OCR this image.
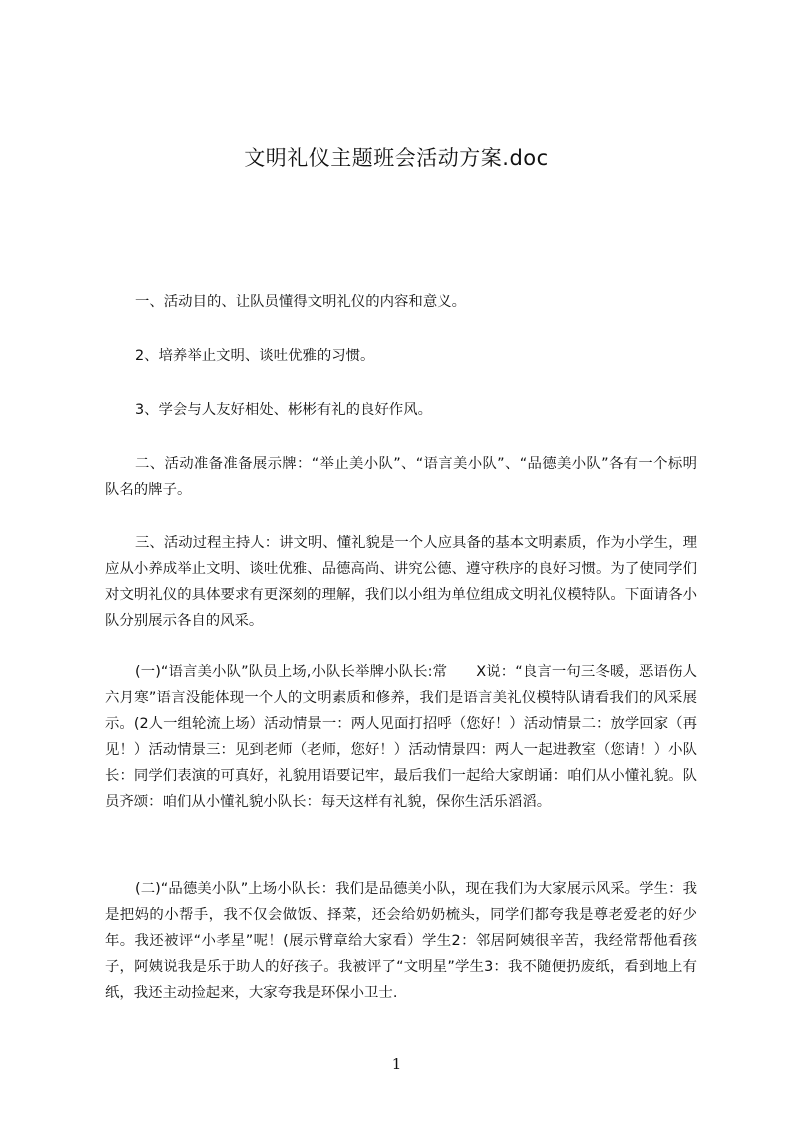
文明礼仪主题班会活动方案.doc
一、活动目的、让队员懂得文明礼仪的内容和意义。
2、培养举止文明、谈吐优雅的习惯。
3、学会与人友好相处、彬彬有礼的良好作风。
二、活动准备准备展示牌：“举止美小队”、“语言美小队”、“品德美小队”各有一个标明队名的牌子。
三、活动过程主持人：讲文明、懂礼貌是一个人应具备的基本文明素质，作为小学生，理应从小养成举止文明、谈吐优雅、品德高尚、讲究公德、遵守秩序的良好习惯。为了使同学们对文明礼仪的具体要求有更深刻的理解，我们以小组为单位组成文明礼仪模特队。下面请各小队分别展示各自的风采。
(一)“语言美小队”队员上场,小队长举牌小队长:常　　X说：“良言一句三冬暖，恶语伤人六月寒”语言没能体现一个人的文明素质和修养，我们是语言美礼仪模特队请看我们的风采展示。(2人一组轮流上场）活动情景一：两人见面打招呼（您好！）活动情景二：放学回家（再见！）活动情景三：见到老师（老师，您好！）活动情景四：两人一起进教室（您请！）小队长：同学们表演的可真好，礼貌用语要记牢，最后我们一起给大家朗诵：咱们从小懂礼貌。队员齐颂：咱们从小懂礼貌小队长：每天这样有礼貌，保你生活乐滔滔。
(二)“品德美小队”上场小队长：我们是品德美小队，现在我们为大家展示风采。学生：我是把妈的小帮手，我不仅会做饭、择菜，还会给奶奶梳头，同学们都夸我是尊老爱老的好少年。我还被评“小孝星”呢！(展示臂章给大家看）学生2：邻居阿姨很辛苦，我经常帮他看孩子，阿姨说我是乐于助人的好孩子。我被评了“文明星”学生3：我不随便扔废纸，看到地上有纸，我还主动捡起来，大家夸我是环保小卫士.
1
